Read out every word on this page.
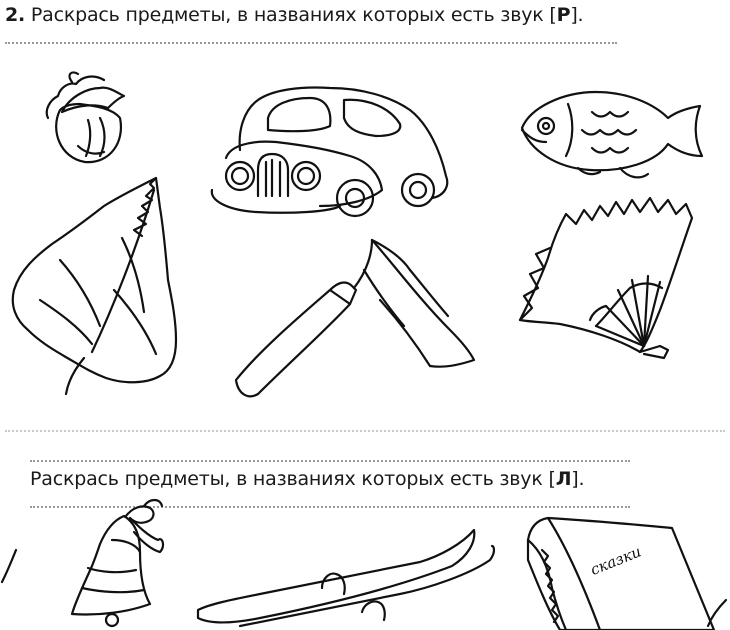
2. Раскрась предметы, в названиях которых есть звук [Р].
Раскрась предметы, в названиях которых есть звук [Л].
сказки
